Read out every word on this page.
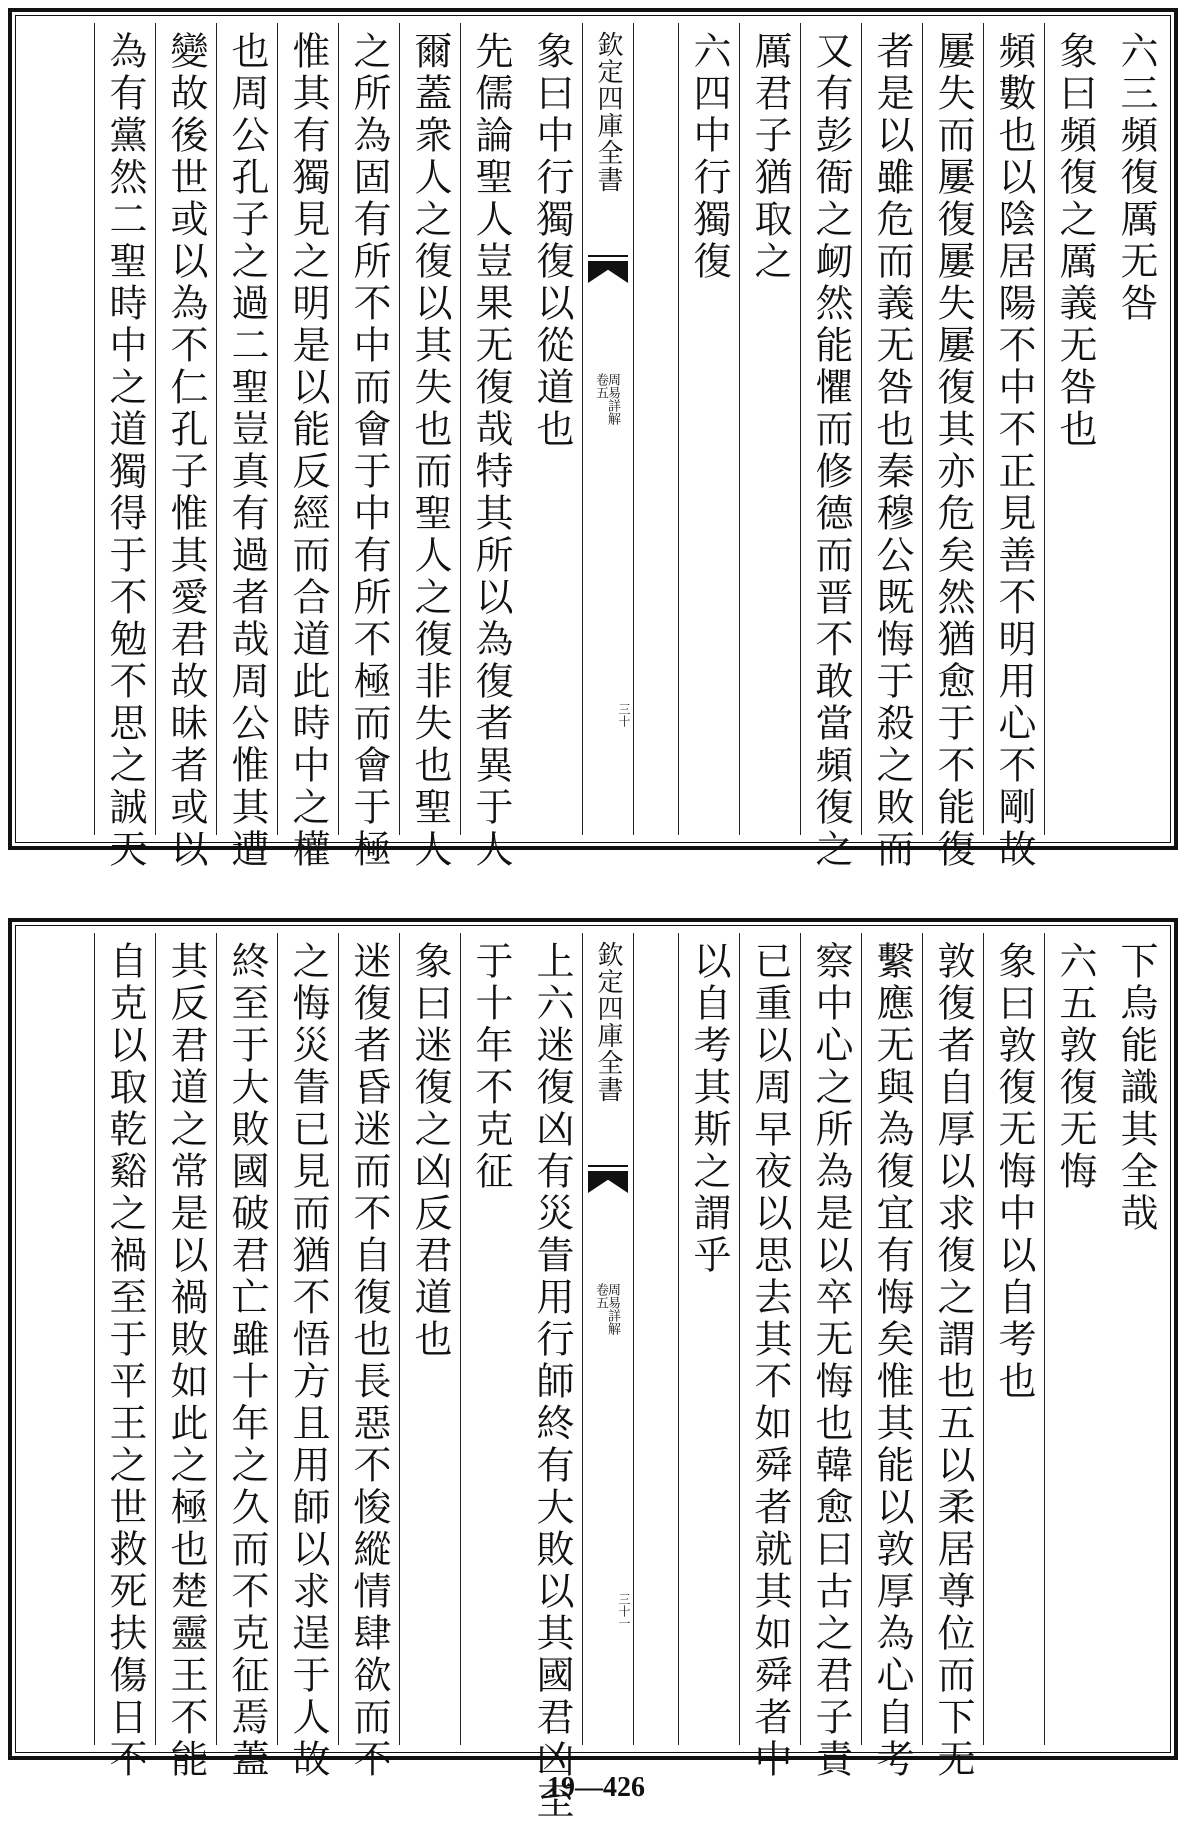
六三頻復厲无咎
象曰頻復之厲義无咎也
頻數也以陰居陽不中不正見善不明用心不剛故
屢失而屢復屢失屢復其亦危矣然猶愈于不能復
者是以雖危而義无咎也秦穆公既悔于殺之敗而
又有彭衙之衂然能懼而修德而晋不敢當頻復之
厲君子猶取之
六四中行獨復
欽定四庫全書
周易詳解
卷五
三十
象曰中行獨復以從道也
先儒論聖人豈果无復哉特其所以為復者異于人
爾蓋衆人之復以其失也而聖人之復非失也聖人
之所為固有所不中而會于中有所不極而會于極
惟其有獨見之明是以能反經而合道此時中之權
也周公孔子之過二聖豈真有過者哉周公惟其遭
變故後世或以為不仁孔子惟其愛君故昧者或以
為有黨然二聖時中之道獨得于不勉不思之誠天
下烏能識其全哉
六五敦復无悔
象曰敦復无悔中以自考也
敦復者自厚以求復之謂也五以柔居尊位而下无
繫應无與為復宜有悔矣惟其能以敦厚為心自考
察中心之所為是以卒无悔也韓愈曰古之君子責
已重以周早夜以思去其不如舜者就其如舜者中
以自考其斯之謂乎
欽定四庫全書
周易詳解
卷五
三十一
上六迷復凶有災眚用行師終有大敗以其國君凶至
于十年不克征
象曰迷復之凶反君道也
迷復者昏迷而不自復也長惡不悛縱情肆欲而不
之悔災眚已見而猶不悟方且用師以求逞于人故
終至于大敗國破君亡雖十年之久而不克征焉蓋
其反君道之常是以禍敗如此之極也楚靈王不能
自克以取乾谿之禍至于平王之世救死扶傷日不
19—426
